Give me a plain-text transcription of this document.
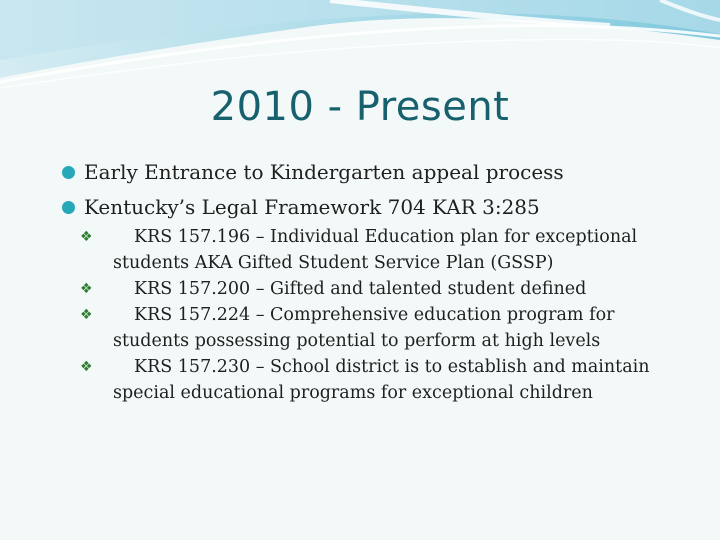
2010 - Present
Early Entrance to Kindergarten appeal process
Kentucky’s Legal Framework 704 KAR 3:285
❖ KRS 157.196 – Individual Education plan for exceptional students AKA Gifted Student Service Plan (GSSP)
❖ KRS 157.200 – Gifted and talented student defined
❖ KRS 157.224 – Comprehensive education program for students possessing potential to perform at high levels
❖ KRS 157.230 – School district is to establish and maintain special educational programs for exceptional children
